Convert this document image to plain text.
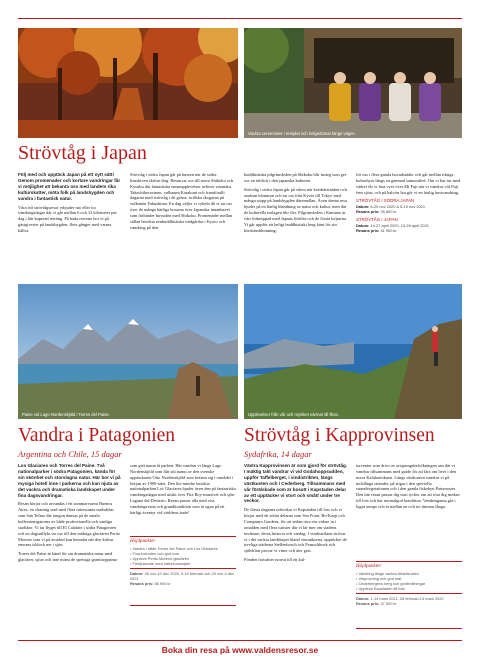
Vackra ceremonier i templet och helgedomar längs vägen.
Strövtåg i Japan

Följ med och upptäck Japan på ett nytt sätt! Genom promenader och kortare vandringar får vi möjlighet att bekanta oss med landets rika kulturskatter, möta folk på landsbygden och vandra i fantastisk natur.

Våra två strövtågsresor erbjuder nio eller tio vandringsdagar där vi går mellan 6 och 12 kilometer per dag i lätt kuperad terräng. På bada resorna bor vi på gästgiverier på landsbygden, flera gånger med varma källor.

Strövtåg i södra Japan går på bussen när de södra linsskiven skiftar färg. Resan tar oss till norra Shikoku och Kyushu där fantastiska naturupplevelser avlöser varandra. Takachihoravinen, vulkanen Karakuni och framförallt dagarna med strövtåg i de gröna, trollska skogarna på vulkanön Yakushima. En dag väljer vi cykeln då vi tar oss över de många härliga broarna över Japanska innanhavet som förbinder huvudön med Shikoku. Promenader mellan sällan besökta zenbuddhistiska trädgårdar i Kyoto och vandring på den

buddhistiska pilgrimsleden på Shikoku blir insteg som ger oss en inblick i den japanska kulturen.

Strövtåg i södra Japan går på våren när körsbärsträden och azalean blommar och tar oss från Kyoto till Tokyo med många stopp på landsbygden däremellan. Även denna resa bjuder på en härlig blandning av natur och kultur, men där de kulturella inslagen blir fler. Pilgrimsleden i Kumano är vårt förknippad med Japans födelse och de första kejsarna. Vi går uppför ett heligt buddhistiskt berg känt för sin körsbärsblomning,

för oss i flera gamla huvudstäder och går mellan riktiga kulturbyar längs en gammal samurailed. Om vi har tur med vädret får vi fina vyer över Mt Fuji när vi vandrar vid Fuji fem sjöar, och på halvön Izu gör vi en härlig kustvandring.

STRÖVTÅG I SÖDRA JAPAN
Datum: 6-20 nov 2020 & 5-19 nov 2021
Resans pris: 45 800 kr
STRÖVTÅG I JAPAN
Datum: 14-27 april 2020, 13-26 april 2021
Resans pris: 41 900 kr
Paine vid Lago Nordenskjöld i Torres del Paine.	Upplevelser från vår och mysiket närmar till flera.
Vandra i Patagonien
Argentina och Chile, 15 dagar

Los Glaciares och Torres del Paine. Två nationalparker i södra Patagonien, kända för sin skönhet och storslagna natur. Här bor vi på mysiga hotell inne i parkerna och kan njuta av det vackra och dramatiska landskapet under fina dagsvandringar.

Resan börjar och avrundas i ett sommarvarmt Buenos Aires, en charmig stad med flera intressanta stadsdelar som San Telmo där tangon dansas på de smala kullerstensgatorna av både professionella och vanliga stadsbor. Vi tar flyget till El Calafate i södra Patagonien och en dagsutflykt tar oss till den mäktiga glaciären Perito Moreno som vi på avstånd kan beundra när den kalvar enorma isblock ner i sjön.

Torres del Paine är känd för sin dramatiska natur med glaciärer, sjöar och inte minst de spetsiga granittopparna

som gett namn åt parken. Här vandrar vi längs Lago Nordenskjöld som fått sitt namn av den svenske upptäckaren Otto Nordenskjöld som befann sig i området i början av 1900-talet. Den lite mindre besökta nationalparken Los Glaciares bjuder även den på fantastiska vandringsdagar med utsikt över Fitz Roy-massivet och sjön Laguna del Desierto. Resan passar alla med viss vandringsvana och grundkondition som är ugna på ett härligt äventyr vid världens ände!

Höjdpunkter
• Vandra i både Torres del Paine och Los Glaciares
• Fina boenden och god mat
• Uppleve Perito Moreno glaciären
• Fördjukande med naturkunskaper
Datum: 26 nov-10 dec 2020, 5-19 februari och 20 nov-4 dec 2021
Resans pris: 56 900 kr
Strövtåg i Kapprovinsen
Sydafrika, 14 dagar

Västra Kapprovinsen är som gjord för strövtåg. I mäktig takt vandrar vi vid Godahoppsudden, uppför Taffelberget, i vindistrikten, längs västkusten och i Cederberg. Tillsammans med vår förälskade som är bosatt i Kapstaden delar av ett upptäcker vi stort och smått under tre veckor.

De första dagarna utforskar vi Kapstaden till fots och vi börjar med de södra delarna som Sea Point, Bo-Kaap och Companys Gardens, för att sedan röra oss vidare in i områden med flera turister där vi lär mer om stadens invånare, deras historia och vardag. I vindistrikten strövar vi i det vackra landskapet bland vinrankorna, upptäcker de trevliga städerna Stellenbosch och Franschhoek och självklart provar vi viner och äter gott.

Fönden fortsätter norrut till ett kul-

turcenter som drivs av ursprungsbefolkningen san där vi vandrar tillsammans med guide för att lära om livet i den norra Kalahariöknen. Längs västkusten vandrar vi på milslånga stränder, på stigar i den speciella strandvegetationen och i den gamla fiskebyn Paternoster. Den här resan passar dig som tycker om att röra dig medan till fots och har normalgod kondition. Vandringarna går i lugnt tempo och är mellan en och tre timmar långa.

Höjdpunkter
• Vandring längs vackra Atlantkusten
• Vinprovning och god mat
• Cederbergens berg och grottmålningar
• Uppleva Kapstaden till fots
Datum: 1-14 mars 2021, 28 februari-13 mars 2022
Resans pris: 37 500 kr
Boka din resa på www.valdensresor.se
